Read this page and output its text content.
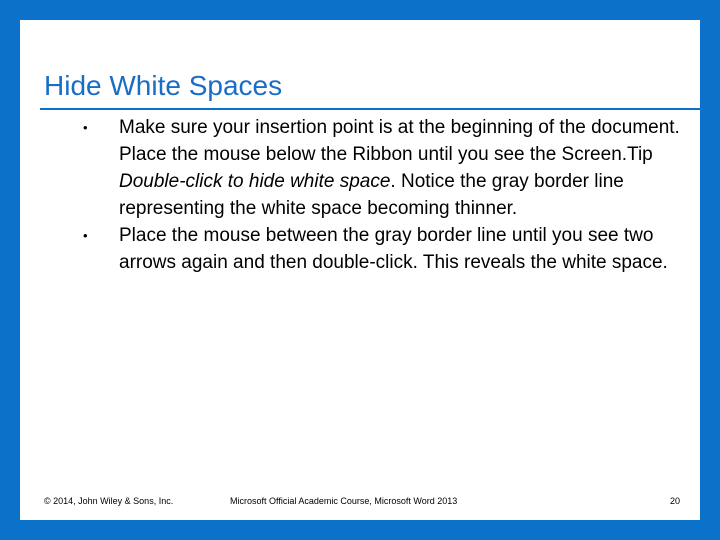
Hide White Spaces
• Make sure your insertion point is at the beginning of the document. Place the mouse below the Ribbon until you see the Screen.Tip Double-click to hide white space. Notice the gray border line representing the white space becoming thinner.

• Place the mouse between the gray border line until you see two arrows again and then double-click. This reveals the white space.

© 2014, John Wiley & Sons, Inc.	Microsoft Official Academic Course, Microsoft Word 2013	20
